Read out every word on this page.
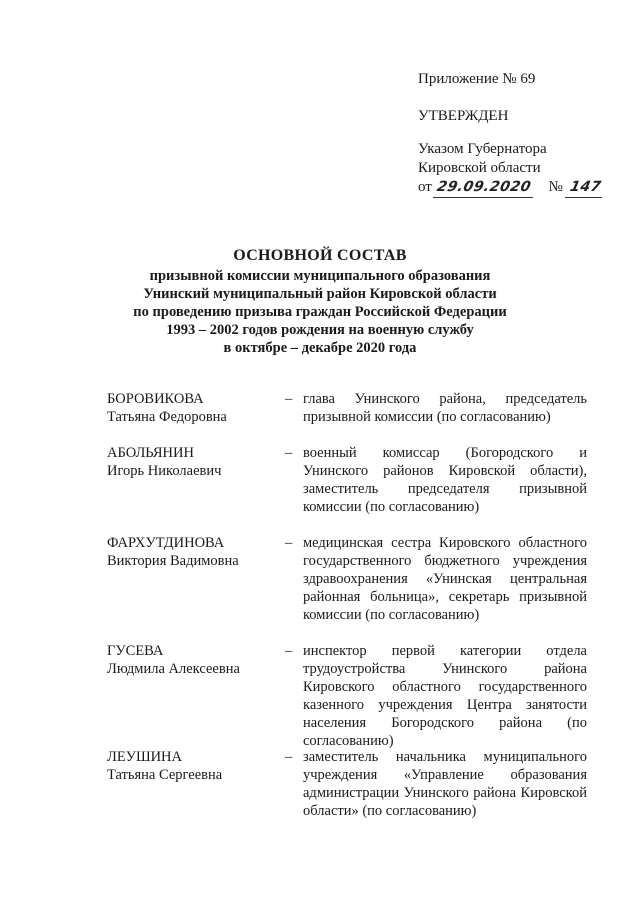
Приложение № 69
УТВЕРЖДЕН
Указом Губернатора
Кировской области
от 29.09.2020 № 147
ОСНОВНОЙ СОСТАВ
призывной комиссии муниципального образования
Унинский муниципальный район Кировской области
по проведению призыва граждан Российской Федерации
1993 – 2002 годов рождения на военную службу
в октябре – декабре 2020 года
БОРОВИКОВА
Татьяна Федоровна
– глава Унинского района, председатель призывной комиссии (по согласованию)
АБОЛЬЯНИН
Игорь Николаевич
– военный комиссар (Богородского и Унинского районов Кировской области), заместитель председателя призывной комиссии (по согласованию)
ФАРХУТДИНОВА
Виктория Вадимовна
– медицинская сестра Кировского областного государственного бюджетного учреждения здравоохранения «Унинская центральная районная больница», секретарь призывной комиссии (по согласованию)
ГУСЕВА
Людмила Алексеевна
– инспектор первой категории отдела трудоустройства Унинского района Кировского областного государственного казенного учреждения Центра занятости населения Богородского района (по согласованию)
ЛЕУШИНА
Татьяна Сергеевна
– заместитель начальника муниципального учреждения «Управление образования администрации Унинского района Кировской области» (по согласованию)
